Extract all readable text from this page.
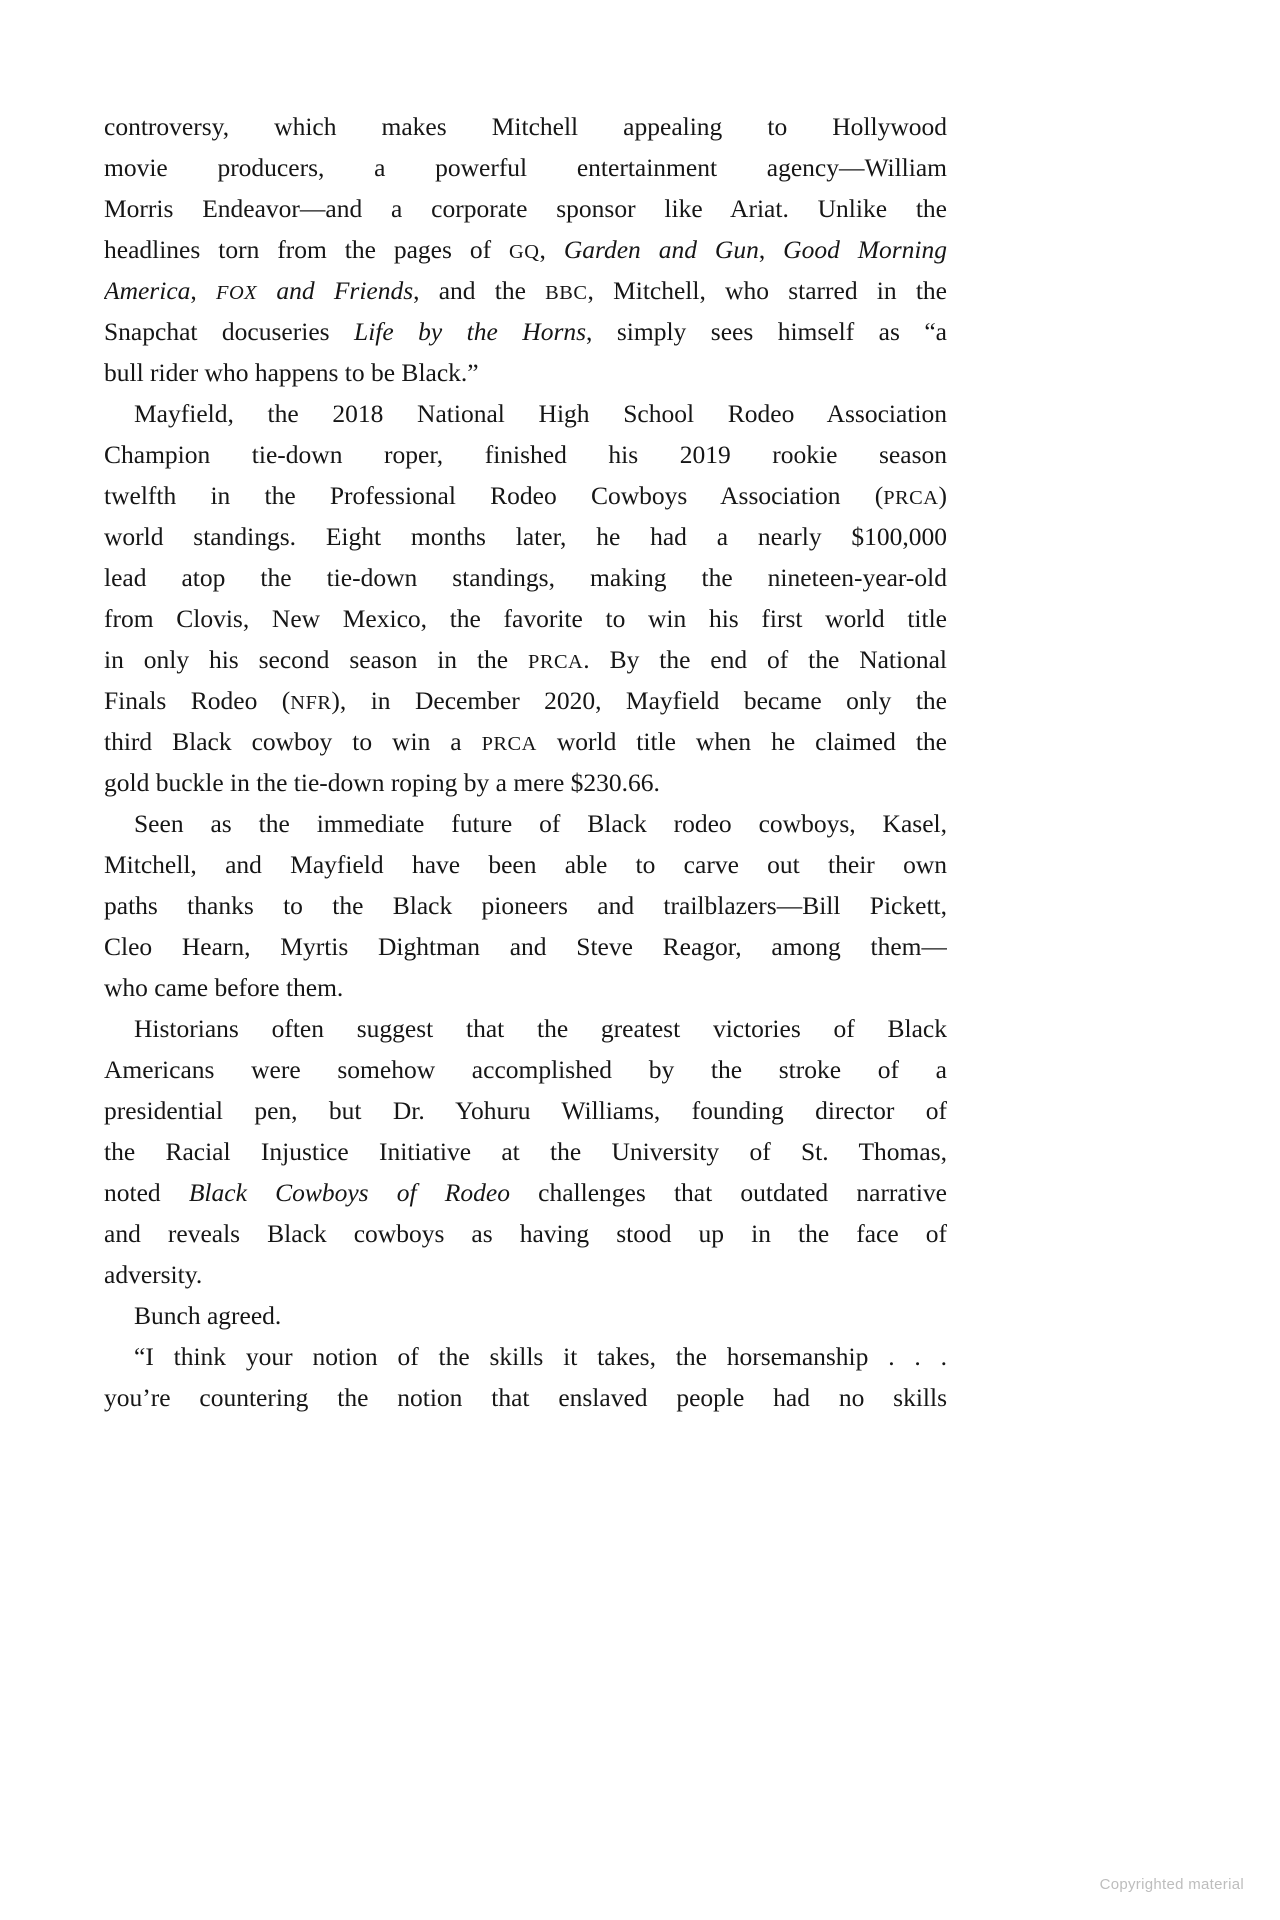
controversy, which makes Mitchell appealing to Hollywood
movie producers, a powerful entertainment agency—William
Morris Endeavor—and a corporate sponsor like Ariat. Unlike the
headlines torn from the pages of GQ, Garden and Gun, Good Morning
America, FOX and Friends, and the BBC, Mitchell, who starred in the
Snapchat docuseries Life by the Horns, simply sees himself as “a
bull rider who happens to be Black.”
Mayfield, the 2018 National High School Rodeo Association
Champion tie-down roper, finished his 2019 rookie season
twelfth in the Professional Rodeo Cowboys Association (PRCA)
world standings. Eight months later, he had a nearly $100,000
lead atop the tie-down standings, making the nineteen-year-old
from Clovis, New Mexico, the favorite to win his first world title
in only his second season in the PRCA. By the end of the National
Finals Rodeo (NFR), in December 2020, Mayfield became only the
third Black cowboy to win a PRCA world title when he claimed the
gold buckle in the tie-down roping by a mere $230.66.
Seen as the immediate future of Black rodeo cowboys, Kasel,
Mitchell, and Mayfield have been able to carve out their own
paths thanks to the Black pioneers and trailblazers—Bill Pickett,
Cleo Hearn, Myrtis Dightman and Steve Reagor, among them—
who came before them.
Historians often suggest that the greatest victories of Black
Americans were somehow accomplished by the stroke of a
presidential pen, but Dr. Yohuru Williams, founding director of
the Racial Injustice Initiative at the University of St. Thomas,
noted Black Cowboys of Rodeo challenges that outdated narrative
and reveals Black cowboys as having stood up in the face of
adversity.
Bunch agreed.
“I think your notion of the skills it takes, the horsemanship . . .
you’re countering the notion that enslaved people had no skills
Copyrighted material
